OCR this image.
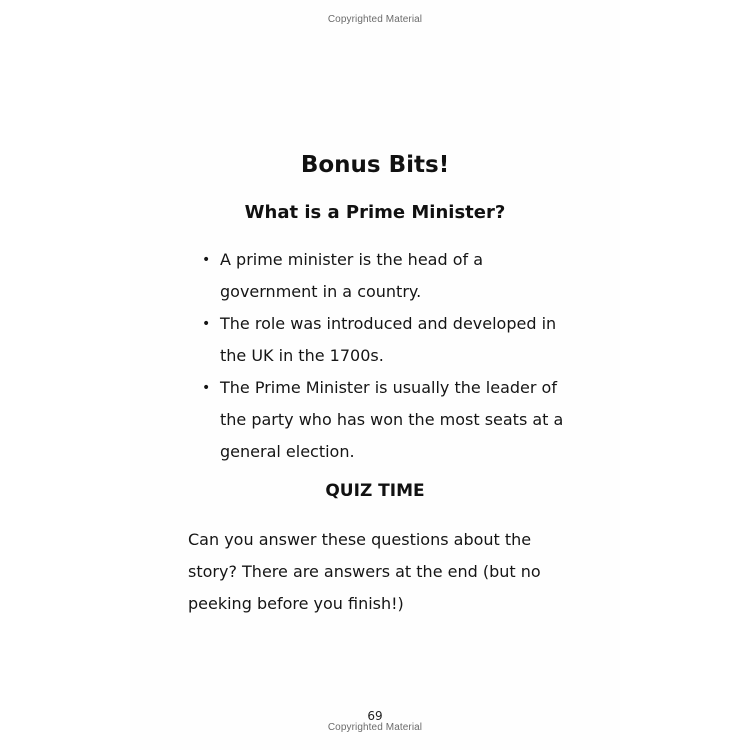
Copyrighted Material
Bonus Bits!
What is a Prime Minister?
• A prime minister is the head of a government in a country.
• The role was introduced and developed in the UK in the 1700s.
• The Prime Minister is usually the leader of the party who has won the most seats at a general election.
QUIZ TIME

Can you answer these questions about the story? There are answers at the end (but no peeking before you finish!)

69
Copyrighted Material
